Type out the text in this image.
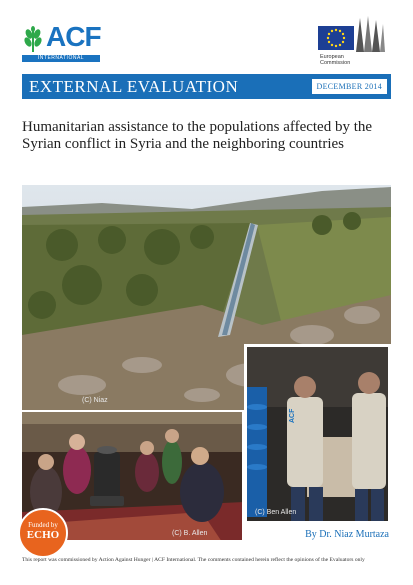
ACF
INTERNATIONAL	European
Commission
EXTERNAL EVALUATION	DECEMBER 2014
Humanitarian assistance to the populations affected by the Syrian conflict in Syria and the neighboring countries
(C) Niaz
(C) B. Allen
ACF
(C) Ben Allen
Funded by
ECHO	By Dr. Niaz Murtaza
This report was commissioned by Action Against Hunger | ACF International. The comments contained herein reflect the opinions of the Evaluators only
